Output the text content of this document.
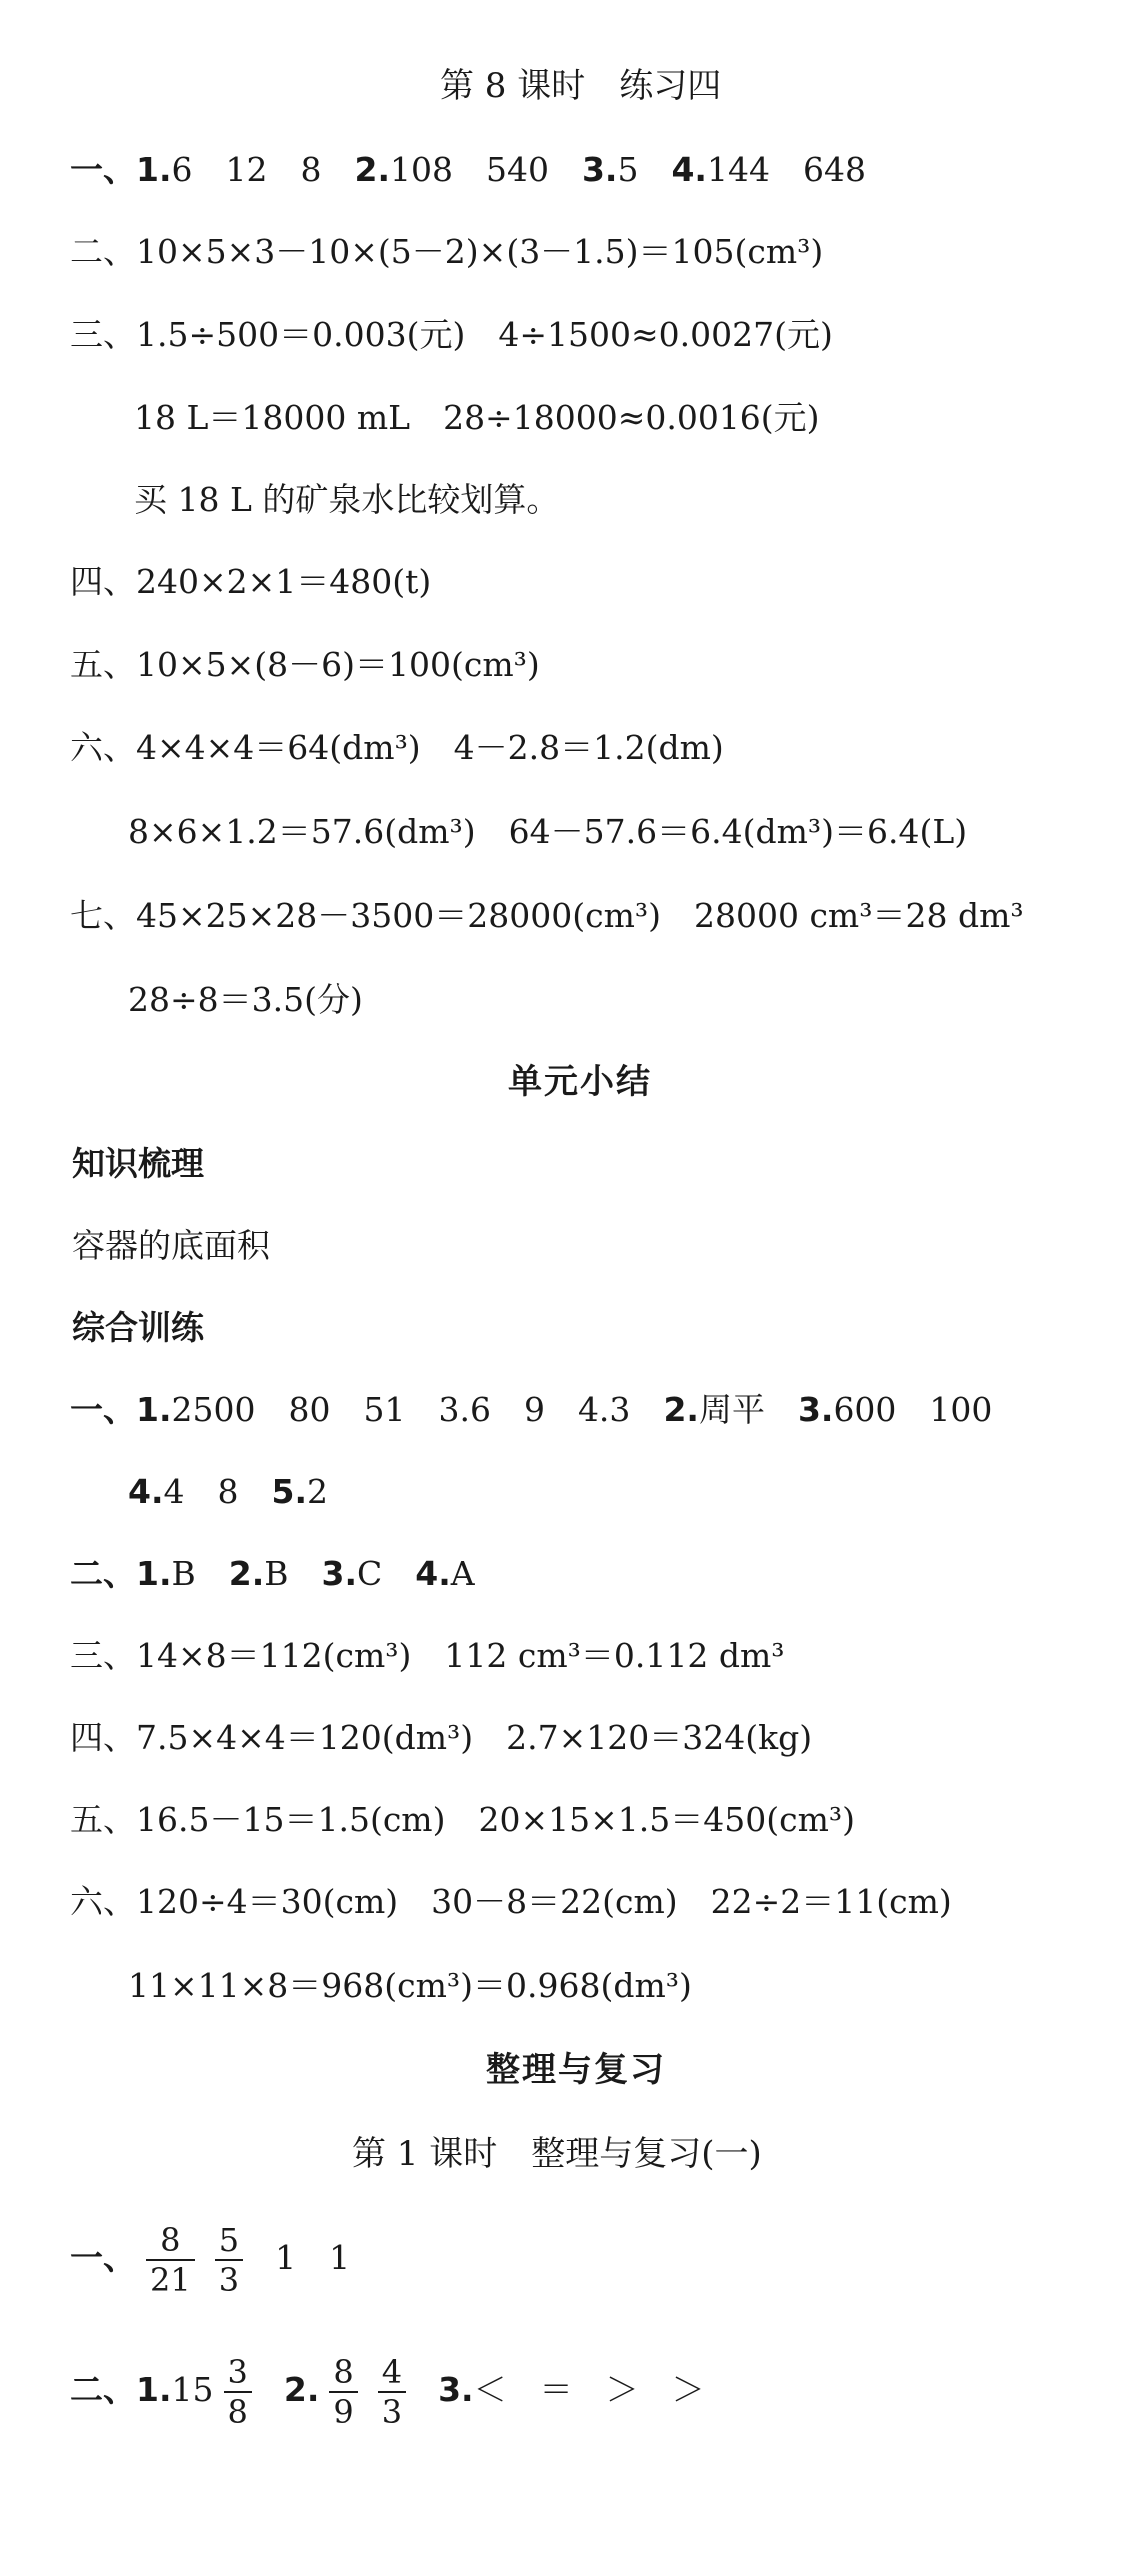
第 8 课时　练习四
一、1.6　12　8　2.108　540　3.5　4.144　648
二、10×5×3－10×(5－2)×(3－1.5)＝105(cm³)
三、1.5÷500＝0.003(元)　4÷1500≈0.0027(元)
18 L＝18000 mL　28÷18000≈0.0016(元)
买 18 L 的矿泉水比较划算。
四、240×2×1＝480(t)
五、10×5×(8－6)＝100(cm³)
六、4×4×4＝64(dm³)　4－2.8＝1.2(dm)
8×6×1.2＝57.6(dm³)　64－57.6＝6.4(dm³)＝6.4(L)
七、45×25×28－3500＝28000(cm³)　28000 cm³＝28 dm³
28÷8＝3.5(分)
单元小结
知识梳理
容器的底面积
综合训练
一、1.2500　80　51　3.6　9　4.3　2.周平　3.600　100
4.4　8　5.2
二、1.B　2.B　3.C　4.A
三、14×8＝112(cm³)　112 cm³＝0.112 dm³
四、7.5×4×4＝120(dm³)　2.7×120＝324(kg)
五、16.5－15＝1.5(cm)　20×15×1.5＝450(cm³)
六、120÷4＝30(cm)　30－8＝22(cm)　22÷2＝11(cm)
11×11×8＝968(cm³)＝0.968(dm³)
整理与复习
第 1 课时　整理与复习(一)
一、 $\frac{8}{21} \frac{5}{3} 1$　1
二、$1.15 \frac{3}{8} 2$. $\frac{8}{9} \frac{4}{3} 3.<$　＝　＞　＞
